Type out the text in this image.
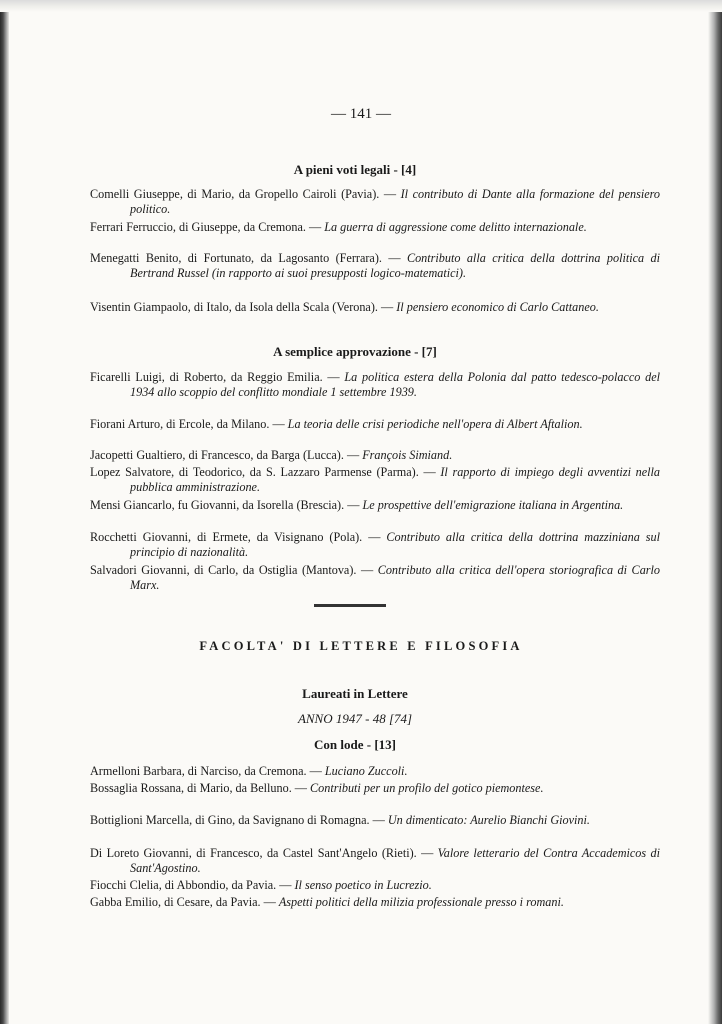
— 141 —
A pieni voti legali - [4]
Comelli Giuseppe, di Mario, da Gropello Cairoli (Pavia). — Il contributo di Dante alla formazione del pensiero politico.
Ferrari Ferruccio, di Giuseppe, da Cremona. — La guerra di aggressione come delitto internazionale.
Menegatti Benito, di Fortunato, da Lagosanto (Ferrara). — Contributo alla critica della dottrina politica di Bertrand Russel (in rapporto ai suoi presupposti logico-matematici).
Visentin Giampaolo, di Italo, da Isola della Scala (Verona). — Il pensiero economico di Carlo Cattaneo.
A semplice approvazione - [7]
Ficarelli Luigi, di Roberto, da Reggio Emilia. — La politica estera della Polonia dal patto tedesco-polacco del 1934 allo scoppio del conflitto mondiale 1 settembre 1939.
Fiorani Arturo, di Ercole, da Milano. — La teoria delle crisi periodiche nell'opera di Albert Aftalion.
Jacopetti Gualtiero, di Francesco, da Barga (Lucca). — François Simiand.
Lopez Salvatore, di Teodorico, da S. Lazzaro Parmense (Parma). — Il rapporto di impiego degli avventizi nella pubblica amministrazione.
Mensi Giancarlo, fu Giovanni, da Isorella (Brescia). — Le prospettive dell'emigrazione italiana in Argentina.
Rocchetti Giovanni, di Ermete, da Visignano (Pola). — Contributo alla critica della dottrina mazziniana sul principio di nazionalità.
Salvadori Giovanni, di Carlo, da Ostiglia (Mantova). — Contributo alla critica dell'opera storiografica di Carlo Marx.
FACOLTA' DI LETTERE E FILOSOFIA
Laureati in Lettere
ANNO 1947 - 48 [74]
Con lode - [13]
Armelloni Barbara, di Narciso, da Cremona. — Luciano Zuccoli.
Bossaglia Rossana, di Mario, da Belluno. — Contributi per un profilo del gotico piemontese.
Bottiglioni Marcella, di Gino, da Savignano di Romagna. — Un dimenticato: Aurelio Bianchi Giovini.
Di Loreto Giovanni, di Francesco, da Castel Sant'Angelo (Rieti). — Valore letterario del Contra Accademicos di Sant'Agostino.
Fiocchi Clelia, di Abbondio, da Pavia. — Il senso poetico in Lucrezio.
Gabba Emilio, di Cesare, da Pavia. — Aspetti politici della milizia professionale presso i romani.
